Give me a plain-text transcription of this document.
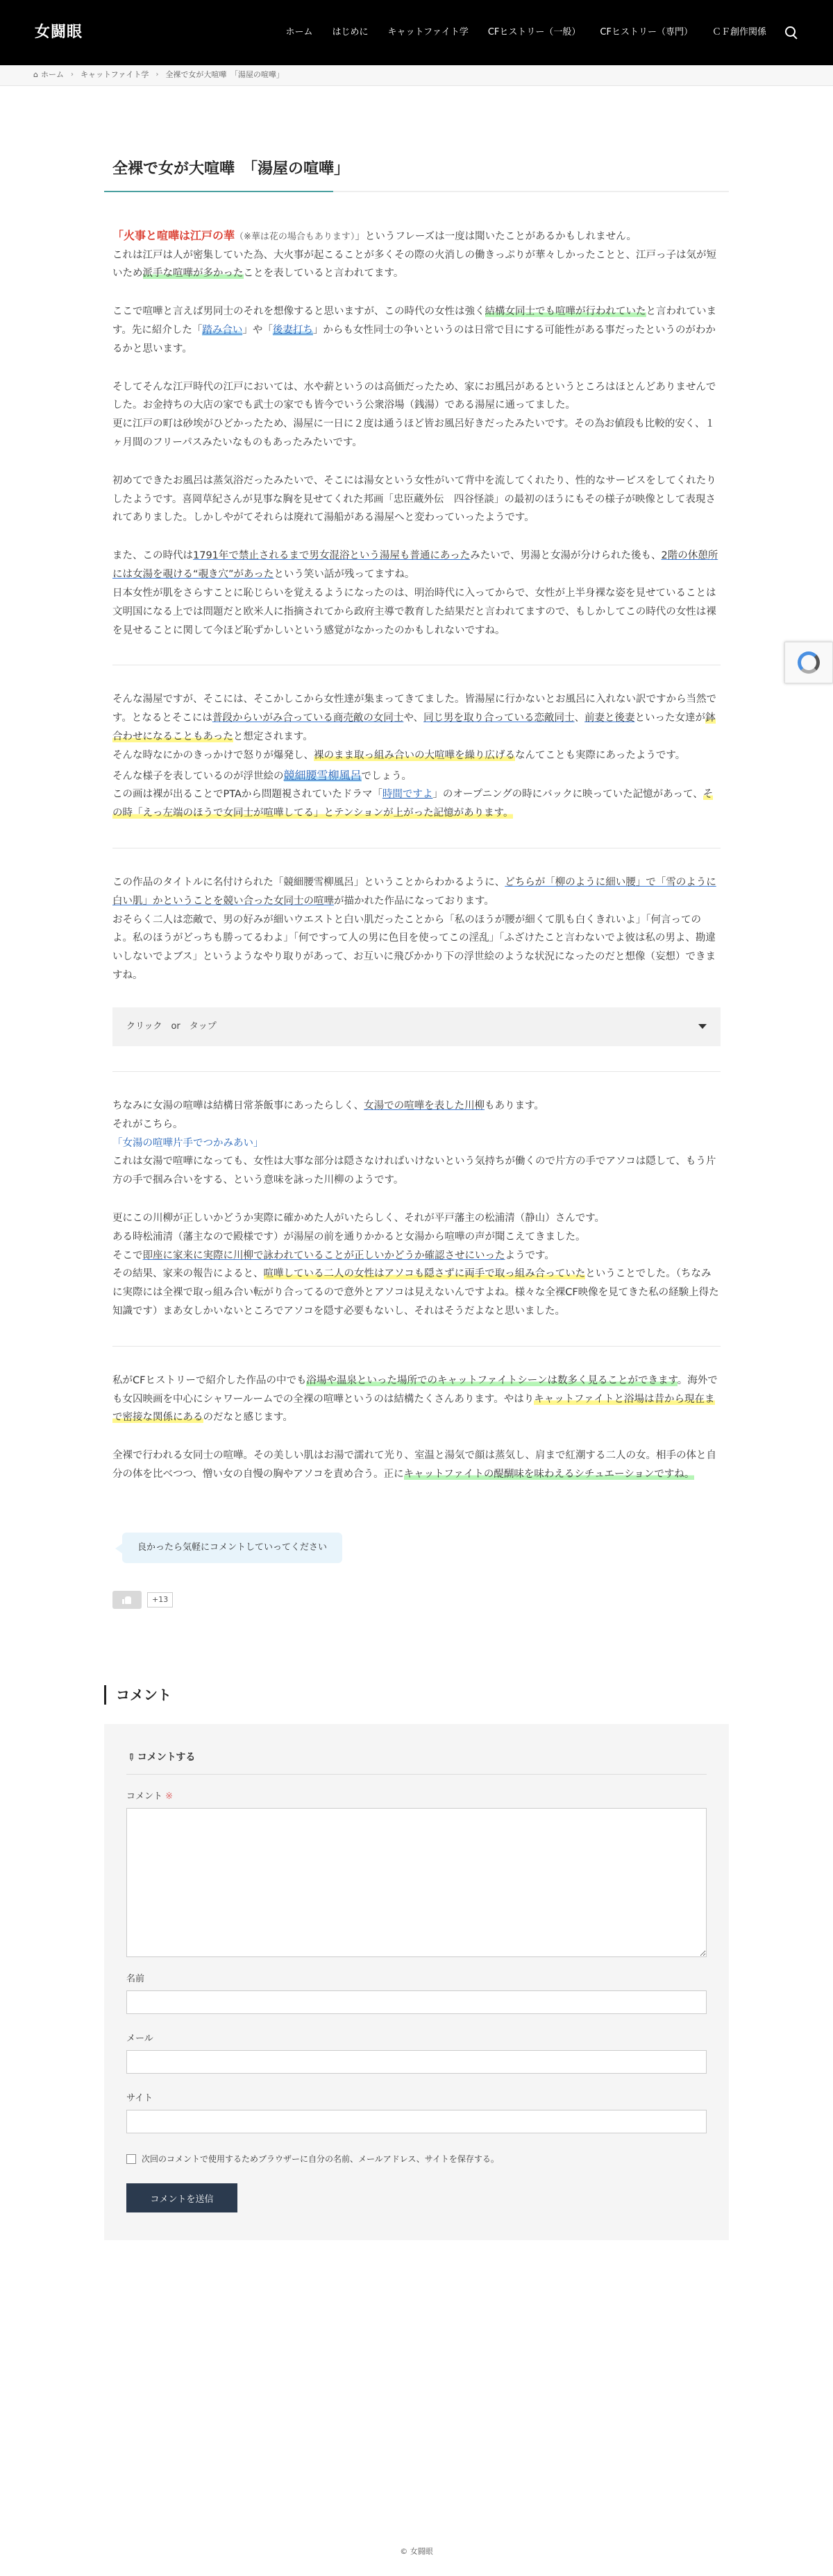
女闘眼	ホーム はじめに キャットファイト学 CFヒストリー（一般） CFヒストリー（専門） ＣＦ創作関係
⌂ ホーム › キャットファイト学 › 全裸で女が大喧嘩　「湯屋の喧嘩」
全裸で女が大喧嘩　「湯屋の喧嘩」

「火事と喧嘩は江戸の華（※華は花の場合もあります）」というフレーズは一度は聞いたことがあるかもしれません。

これは江戸は人が密集していた為、大火事が起こることが多くその際の火消しの働きっぷりが華々しかったことと、江戸っ子は気が短いため派手な喧嘩が多かったことを表していると言われてます。

ここで喧嘩と言えば男同士のそれを想像すると思いますが、この時代の女性は強く結構女同士でも喧嘩が行われていたと言われています。先に紹介した「踏み合い」や「後妻打ち」からも女性同士の争いというのは日常で目にする可能性がある事だったというのがわかるかと思います。

そしてそんな江戸時代の江戸においては、水や薪というのは高価だったため、家にお風呂があるというところはほとんどありませんでした。お金持ちの大店の家でも武士の家でも皆今でいう公衆浴場（銭湯）である湯屋に通ってました。

更に江戸の町は砂埃がひどかったため、湯屋に一日に２度は通うほど皆お風呂好きだったみたいです。その為お値段も比較的安く、１ヶ月間のフリーパスみたいなものもあったみたいです。

初めてできたお風呂は蒸気浴だったみたいで、そこには湯女という女性がいて背中を流してくれたり、性的なサービスをしてくれたりしたようです。喜岡草紀さんが見事な胸を見せてくれた邦画「忠臣蔵外伝　四谷怪談」の最初のほうにもその様子が映像として表現されてありました。しかしやがてそれらは廃れて湯船がある湯屋へと変わっていったようです。

また、この時代は1791年で禁止されるまで男女混浴という湯屋も普通にあったみたいで、男湯と女湯が分けられた後も、2階の休憩所には女湯を覗ける“覗き穴”があったという笑い話が残ってますね。

日本女性が肌をさらすことに恥じらいを覚えるようになったのは、明治時代に入ってからで、女性が上半身裸な姿を見せていることは文明国になる上では問題だと欧米人に指摘されてから政府主導で教育した結果だと言われてますので、もしかしてこの時代の女性は裸を見せることに関して今ほど恥ずかしいという感覚がなかったのかもしれないですね。

そんな湯屋ですが、そこには、そこかしこから女性達が集まってきてました。皆湯屋に行かないとお風呂に入れない訳ですから当然です。となるとそこには普段からいがみ合っている商売敵の女同士や、同じ男を取り合っている恋敵同士、前妻と後妻といった女達が鉢合わせになることもあったと想定されます。

そんな時なにかのきっかけで怒りが爆発し、裸のまま取っ組み合いの大喧嘩を繰り広げるなんてことも実際にあったようです。

そんな様子を表しているのが浮世絵の競細腰雪柳風呂でしょう。

この画は裸が出ることでPTAから問題視されていたドラマ「時間ですよ」のオープニングの時にバックに映っていた記憶があって、その時「えっ左端のほうで女同士が喧嘩してる」とテンションが上がった記憶があります。

この作品のタイトルに名付けられた「競細腰雪柳風呂」ということからわかるように、どちらが「柳のように細い腰」で「雪のように白い肌」かということを競い合った女同士の喧嘩が描かれた作品になっております。

おそらく二人は恋敵で、男の好みが細いウエストと白い肌だったことから「私のほうが腰が細くて肌も白くきれいよ」「何言ってのよ。私のほうがどっちも勝ってるわよ」「何ですって人の男に色目を使ってこの淫乱」「ふざけたこと言わないでよ彼は私の男よ、勘違いしないでよブス」というようなやり取りがあって、お互いに飛びかかり下の浮世絵のような状況になったのだと想像（妄想）できますね。

クリック　or　タップ

ちなみに女湯の喧嘩は結構日常茶飯事にあったらしく、女湯での喧嘩を表した川柳もあります。

それがこちら。

「女湯の喧嘩片手でつかみあい」

これは女湯で喧嘩になっても、女性は大事な部分は隠さなければいけないという気持ちが働くので片方の手でアソコは隠して、もう片方の手で掴み合いをする、という意味を詠った川柳のようです。

更にこの川柳が正しいかどうか実際に確かめた人がいたらしく、それが平戸藩主の松浦清（静山）さんです。

ある時松浦清（藩主なので殿様です）が湯屋の前を通りかかると女湯から喧嘩の声が聞こえてきました。

そこで即座に家来に実際に川柳で詠われていることが正しいかどうか確認させにいったようです。

その結果、家来の報告によると、喧嘩している二人の女性はアソコも隠さずに両手で取っ組み合っていたということでした。（ちなみに実際には全裸で取っ組み合い転がり合ってるので意外とアソコは見えないんですよね。様々な全裸CF映像を見てきた私の経験上得た知識です）まあ女しかいないところでアソコを隠す必要もないし、それはそうだよなと思いました。

私がCFヒストリーで紹介した作品の中でも浴場や温泉といった場所でのキャットファイトシーンは数多く見ることができます。海外でも女囚映画を中心にシャワールームでの全裸の喧嘩というのは結構たくさんあります。やはりキャットファイトと浴場は昔から現在まで密接な関係にあるのだなと感じます。

全裸で行われる女同士の喧嘩。その美しい肌はお湯で濡れて光り、室温と湯気で顔は蒸気し、肩まで紅潮する二人の女。相手の体と自分の体を比べつつ、憎い女の自慢の胸やアソコを責め合う。正にキャットファイトの醍醐味を味わえるシチュエーションですね。

良かったら気軽にコメントしていってください
+13
コメント
✎コメントする
コメント ※
名前
メール
サイト
次回のコメントで使用するためブラウザーに自分の名前、メールアドレス、サイトを保存する。
コメントを送信
© 女闘眼
